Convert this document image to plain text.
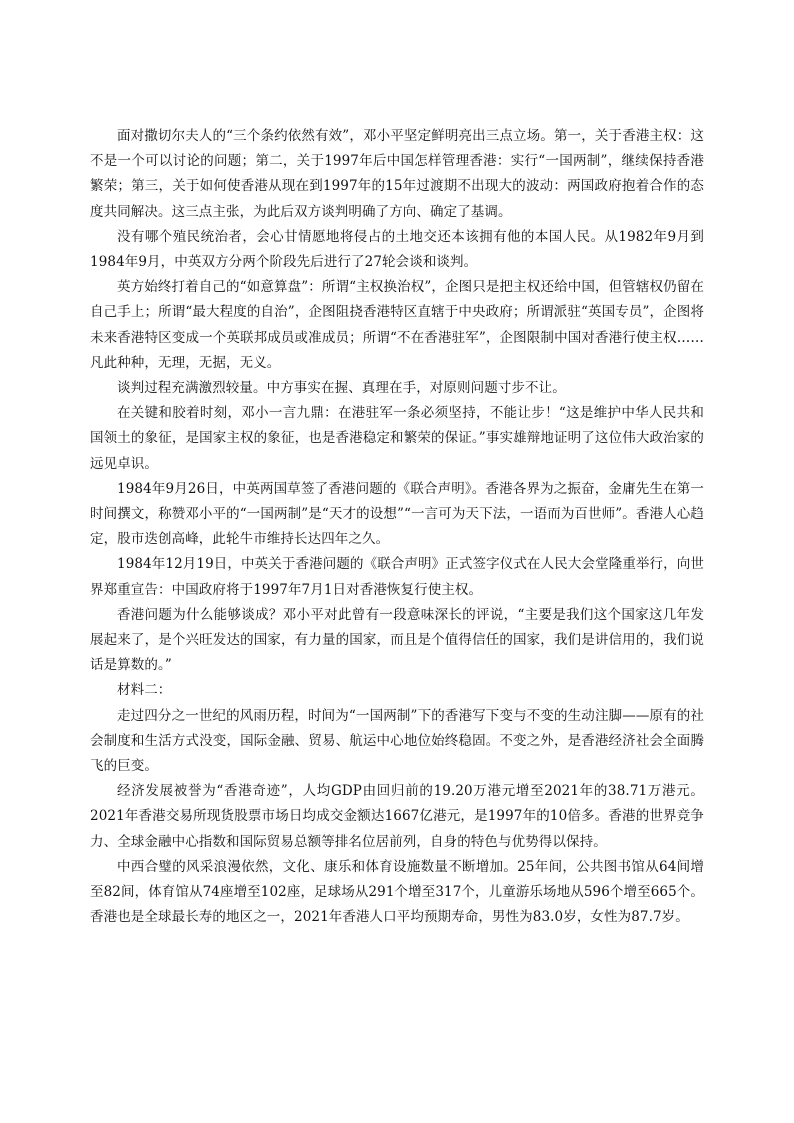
面对撒切尔夫人的“三个条约依然有效”，邓小平坚定鲜明亮出三点立场。第一，关于香港主权：这不是一个可以讨论的问题；第二，关于1997年后中国怎样管理香港：实行“一国两制”，继续保持香港繁荣；第三，关于如何使香港从现在到1997年的15年过渡期不出现大的波动：两国政府抱着合作的态度共同解决。这三点主张，为此后双方谈判明确了方向、确定了基调。

没有哪个殖民统治者，会心甘情愿地将侵占的土地交还本该拥有他的本国人民。从1982年9月到1984年9月，中英双方分两个阶段先后进行了27轮会谈和谈判。

英方始终打着自己的“如意算盘”：所谓“主权换治权”，企图只是把主权还给中国，但管辖权仍留在自己手上；所谓“最大程度的自治”，企图阻挠香港特区直辖于中央政府；所谓派驻“英国专员”，企图将未来香港特区变成一个英联邦成员或准成员；所谓“不在香港驻军”，企图限制中国对香港行使主权……凡此种种，无理，无据，无义。

谈判过程充满激烈较量。中方事实在握、真理在手，对原则问题寸步不让。

在关键和胶着时刻，邓小一言九鼎：在港驻军一条必须坚持，不能让步！“这是维护中华人民共和国领土的象征，是国家主权的象征，也是香港稳定和繁荣的保证。”事实雄辩地证明了这位伟大政治家的远见卓识。

1984年9月26日，中英两国草签了香港问题的《联合声明》。香港各界为之振奋，金庸先生在第一时间撰文，称赞邓小平的“一国两制”是“天才的设想”“一言可为天下法，一语而为百世师”。香港人心趋定，股市迭创高峰，此轮牛市维持长达四年之久。

1984年12月19日，中英关于香港问题的《联合声明》正式签字仪式在人民大会堂隆重举行，向世界郑重宣告：中国政府将于1997年7月1日对香港恢复行使主权。

香港问题为什么能够谈成？邓小平对此曾有一段意味深长的评说，“主要是我们这个国家这几年发展起来了，是个兴旺发达的国家，有力量的国家，而且是个值得信任的国家，我们是讲信用的，我们说话是算数的。”

材料二：

走过四分之一世纪的风雨历程，时间为“一国两制”下的香港写下变与不变的生动注脚——原有的社会制度和生活方式没变，国际金融、贸易、航运中心地位始终稳固。不变之外，是香港经济社会全面腾飞的巨变。

经济发展被誉为“香港奇迹”，人均GDP由回归前的19.20万港元增至2021年的38.71万港元。2021年香港交易所现货股票市场日均成交金额达1667亿港元，是1997年的10倍多。香港的世界竞争力、全球金融中心指数和国际贸易总额等排名位居前列，自身的特色与优势得以保持。

中西合璧的风采浪漫依然，文化、康乐和体育设施数量不断增加。25年间，公共图书馆从64间增至82间，体育馆从74座增至102座，足球场从291个增至317个，儿童游乐场地从596个增至665个。香港也是全球最长寿的地区之一，2021年香港人口平均预期寿命，男性为83.0岁，女性为87.7岁。
